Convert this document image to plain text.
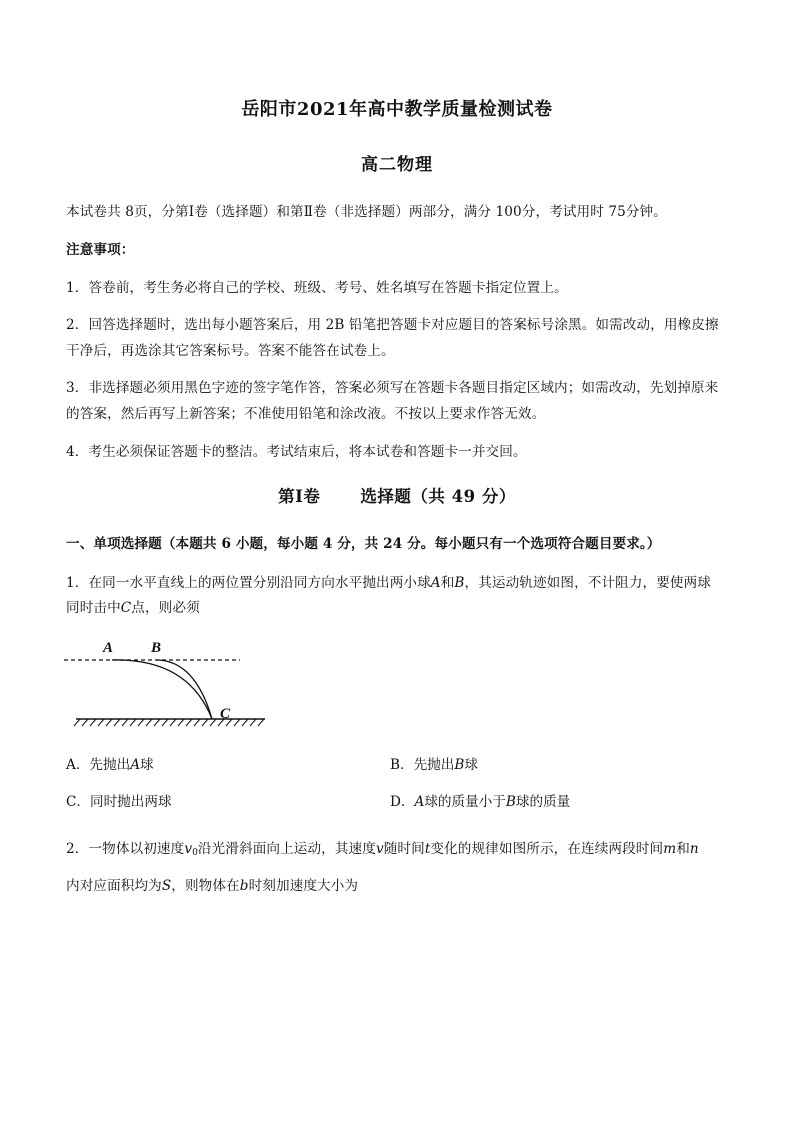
岳阳市2021年高中教学质量检测试卷
高二物理
本试卷共 8页，分第Ⅰ卷（选择题）和第Ⅱ卷（非选择题）两部分，满分 100分，考试用时 75分钟。
注意事项：
1．答卷前，考生务必将自己的学校、班级、考号、姓名填写在答题卡指定位置上。
2．回答选择题时，选出每小题答案后，用 2B 铅笔把答题卡对应题目的答案标号涂黑。如需改动，用橡皮擦
干净后，再选涂其它答案标号。答案不能答在试卷上。
3．非选择题必须用黑色字迹的签字笔作答，答案必须写在答题卡各题目指定区域内；如需改动，先划掉原来
的答案，然后再写上新答案；不准使用铅笔和涂改液。不按以上要求作答无效。
4．考生必须保证答题卡的整洁。考试结束后，将本试卷和答题卡一并交回。
第Ⅰ卷 选择题（共 49 分）
一、单项选择题（本题共 6 小题，每小题 4 分，共 24 分。每小题只有一个选项符合题目要求。）
1．在同一水平直线上的两位置分别沿同方向水平抛出两小球A和B，其运动轨迹如图，不计阻力，要使两球
同时击中C点，则必须
A	B
C
A．先抛出A球	B．先抛出B球
C．同时抛出两球	D．A球的质量小于B球的质量
2．一物体以初速度$v_0$沿光滑斜面向上运动，其速度v随时间t变化的规律如图所示，在连续两段时间m和n
内对应面积均为S，则物体在b时刻加速度大小为
